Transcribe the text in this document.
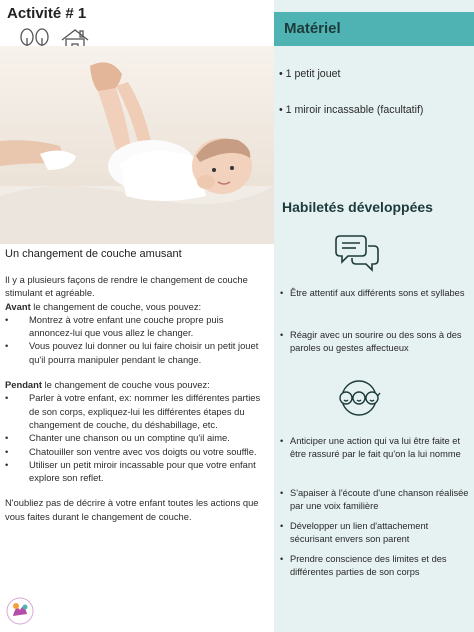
Activité # 1
Un changement de couche amusant

Il y a plusieurs façons de rendre le changement de couche stimulant et agréable.

Avant le changement de couche, vous pouvez:

•	Montrez à votre enfant une couche propre puis annoncez-lui que vous allez le changer.
•	Vous pouvez lui donner ou lui faire choisir un petit jouet qu'il pourra manipuler pendant le change.

Pendant le changement de couche vous pouvez:

•	Parler à votre enfant, ex: nommer les différentes parties de son corps, expliquez-lui les différentes étapes du changement de couche, du déshabillage, etc.
•	Chanter une chanson ou un comptine qu'il aime.
•	Chatouiller son ventre avec vos doigts ou votre souffle.
•	Utiliser un petit miroir incassable pour que votre enfant explore son reflet.

N'oubliez pas de décrire à votre enfant toutes les actions que vous faites durant le changement de couche.

Matériel
• 1 petit jouet
• 1 miroir incassable (facultatif)
Habiletés développées
• Être attentif aux différents sons et syllabes
• Réagir avec un sourire ou des sons à des paroles ou gestes affectueux
• Anticiper une action qui va lui être faite et être rassuré par le fait qu'on la lui nomme
• S'apaiser à l'écoute d'une chanson réalisée par une voix familière
• Développer un lien d'attachement sécurisant envers son parent
• Prendre conscience des limites et des différentes parties de son corps
